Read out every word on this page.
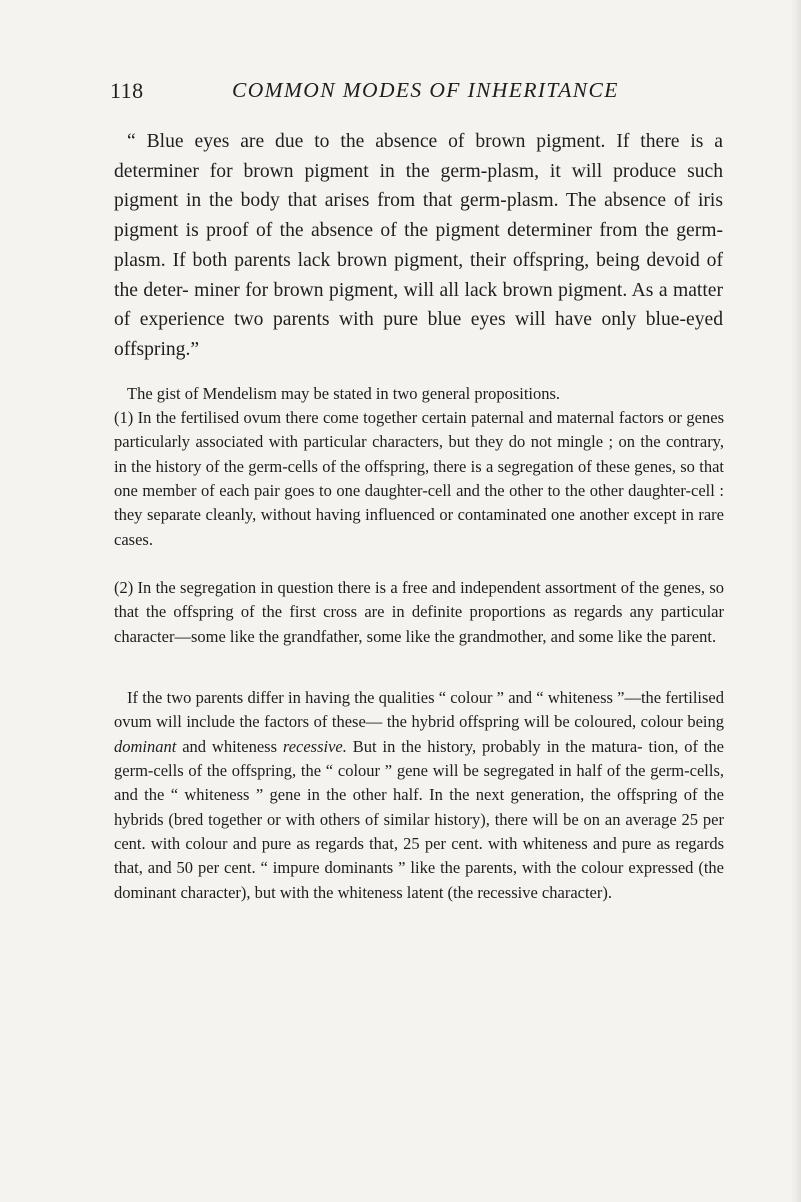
118	COMMON MODES OF INHERITANCE

“ Blue eyes are due to the absence of brown pigment. If there is a determiner for brown pigment in the germ-plasm, it will produce such pigment in the body that arises from that germ-plasm. The absence of iris pigment is proof of the absence of the pigment determiner from the germ-plasm. If both parents lack brown pigment, their offspring, being devoid of the deter- miner for brown pigment, will all lack brown pigment. As a matter of experience two parents with pure blue eyes will have only blue-eyed offspring.”

The gist of Mendelism may be stated in two general propositions.

(1) In the fertilised ovum there come together certain paternal and maternal factors or genes particularly associated with particular characters, but they do not mingle ; on the contrary, in the history of the germ-cells of the offspring, there is a segregation of these genes, so that one member of each pair goes to one daughter-cell and the other to the other daughter-cell : they separate cleanly, without having influenced or contaminated one another except in rare cases.

(2) In the segregation in question there is a free and independent assortment of the genes, so that the offspring of the first cross are in definite proportions as regards any particular character—some like the grandfather, some like the grandmother, and some like the parent.

If the two parents differ in having the qualities “ colour ” and “ whiteness ”—the fertilised ovum will include the factors of these— the hybrid offspring will be coloured, colour being dominant and whiteness recessive. But in the history, probably in the matura- tion, of the germ-cells of the offspring, the “ colour ” gene will be segregated in half of the germ-cells, and the “ whiteness ” gene in the other half. In the next generation, the offspring of the hybrids (bred together or with others of similar history), there will be on an average 25 per cent. with colour and pure as regards that, 25 per cent. with whiteness and pure as regards that, and 50 per cent. “ impure dominants ” like the parents, with the colour expressed (the dominant character), but with the whiteness latent (the recessive character).
